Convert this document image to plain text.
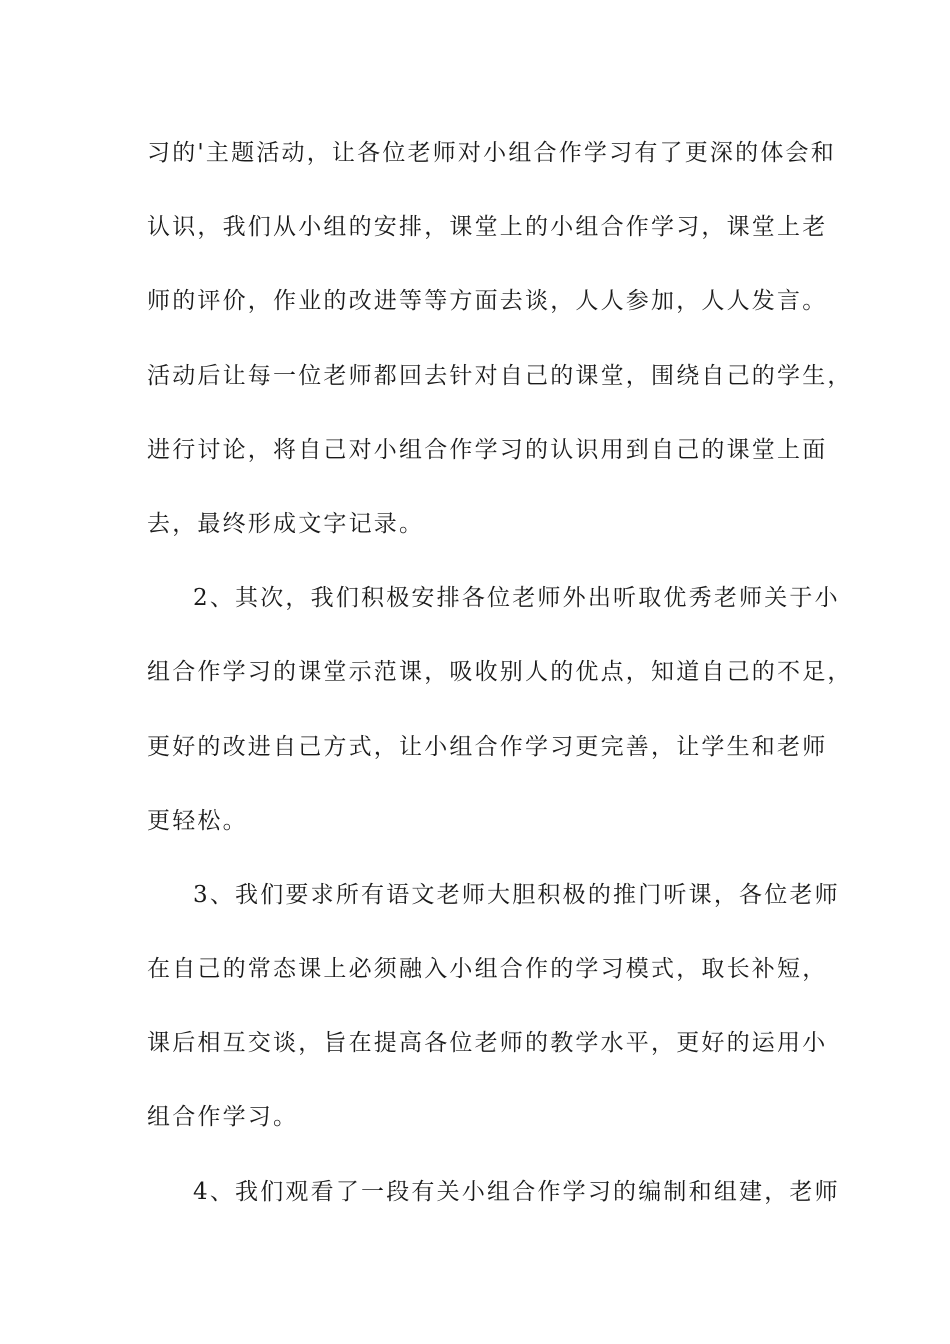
习的'主题活动，让各位老师对小组合作学习有了更深的体会和
认识，我们从小组的安排，课堂上的小组合作学习，课堂上老
师的评价，作业的改进等等方面去谈，人人参加，人人发言。
活动后让每一位老师都回去针对自己的课堂，围绕自己的学生，
进行讨论，将自己对小组合作学习的认识用到自己的课堂上面
去，最终形成文字记录。
2、其次，我们积极安排各位老师外出听取优秀老师关于小
组合作学习的课堂示范课，吸收别人的优点，知道自己的不足，
更好的改进自己方式，让小组合作学习更完善，让学生和老师
更轻松。
3、我们要求所有语文老师大胆积极的推门听课，各位老师
在自己的常态课上必须融入小组合作的学习模式，取长补短，
课后相互交谈，旨在提高各位老师的教学水平，更好的运用小
组合作学习。
4、我们观看了一段有关小组合作学习的编制和组建，老师
